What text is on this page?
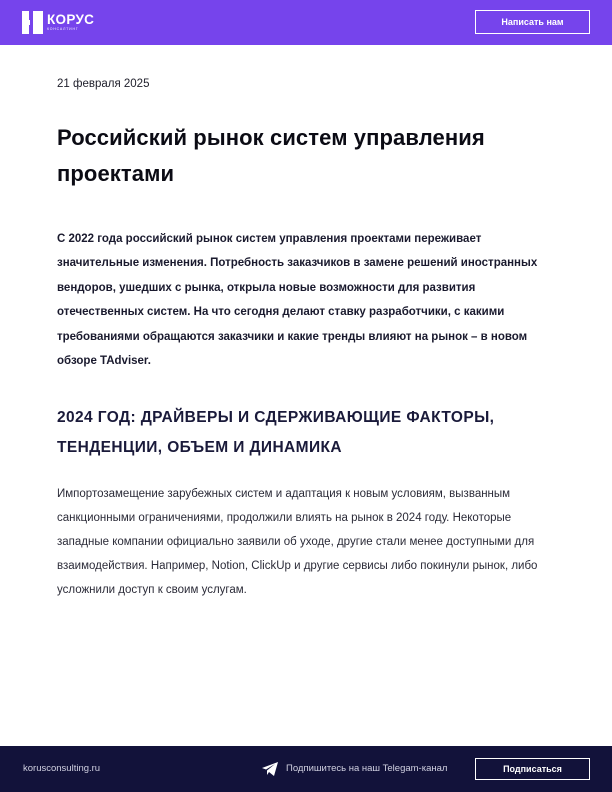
КОРУС
КОНСАЛТИНГ
Написать нам
21 февраля 2025
Российский рынок систем управления проектами

С 2022 года российский рынок систем управления проектами переживает значительные изменения. Потребность заказчиков в замене решений иностранных вендоров, ушедших с рынка, открыла новые возможности для развития отечественных систем. На что сегодня делают ставку разработчики, с какими требованиями обращаются заказчики и какие тренды влияют на рынок – в новом обзоре TAdviser.

2024 ГОД: ДРАЙВЕРЫ И СДЕРЖИВАЮЩИЕ ФАКТОРЫ, ТЕНДЕНЦИИ, ОБЪЕМ И ДИНАМИКА

Импортозамещение зарубежных систем и адаптация к новым условиям, вызванным санкционными ограничениями, продолжили влиять на рынок в 2024 году. Некоторые западные компании официально заявили об уходе, другие стали менее доступными для взаимодействия. Например, Notion, ClickUp и другие сервисы либо покинули рынок, либо усложнили доступ к своим услугам.

korusconsulting.ru	Подпишитесь на наш Telegam-канал	Подписаться
